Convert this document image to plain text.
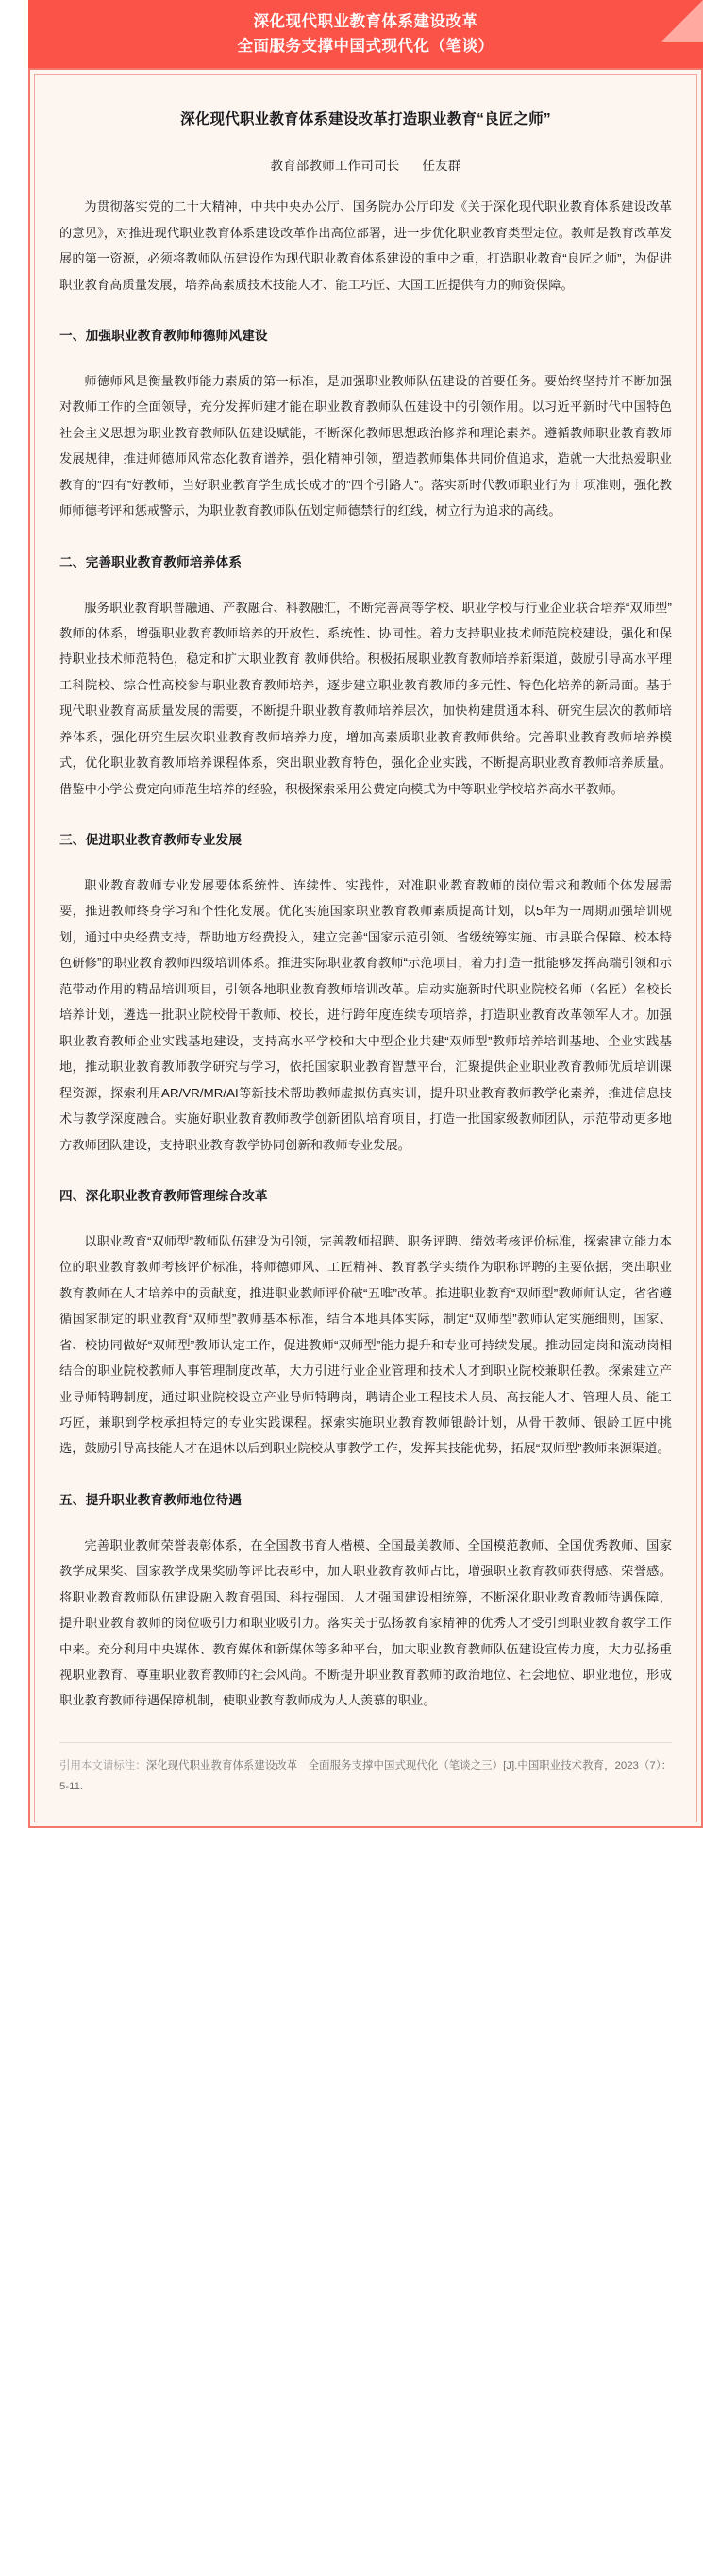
深化现代职业教育体系建设改革
全面服务支撑中国式现代化（笔谈）
深化现代职业教育体系建设改革打造职业教育“良匠之师”
教育部教师工作司司长 任友群

为贯彻落实党的二十大精神，中共中央办公厅、国务院办公厅印发《关于深化现代职业教育体系建设改革的意见》，对推进现代职业教育体系建设改革作出高位部署，进一步优化职业教育类型定位。教师是教育改革发展的第一资源，必须将教师队伍建设作为现代职业教育体系建设的重中之重，打造职业教育“良匠之师”，为促进职业教育高质量发展，培养高素质技术技能人才、能工巧匠、大国工匠提供有力的师资保障。

一、加强职业教育教师师德师风建设

师德师风是衡量教师能力素质的第一标准，是加强职业教师队伍建设的首要任务。要始终坚持并不断加强对教师工作的全面领导，充分发挥师建才能在职业教育教师队伍建设中的引领作用。以习近平新时代中国特色社会主义思想为职业教育教师队伍建设赋能，不断深化教师思想政治修养和理论素养。遵循教师职业教育教师发展规律，推进师德师风常态化教育谱养，强化精神引领，塑造教师集体共同价值追求，造就一大批热爱职业教育的“四有”好教师，当好职业教育学生成长成才的“四个引路人”。落实新时代教师职业行为十项准则，强化教师师德考评和惩戒警示，为职业教育教师队伍划定师德禁行的红线，树立行为追求的高线。

二、完善职业教育教师培养体系

服务职业教育职普融通、产教融合、科教融汇，不断完善高等学校、职业学校与行业企业联合培养“双师型”教师的体系，增强职业教育教师培养的开放性、系统性、协同性。着力支持职业技术师范院校建设，强化和保持职业技术师范特色，稳定和扩大职业教育 教师供给。积极拓展职业教育教师培养新渠道，鼓励引导高水平理工科院校、综合性高校参与职业教育教师培养，逐步建立职业教育教师的多元性、特色化培养的新局面。基于现代职业教育高质量发展的需要，不断提升职业教育教师培养层次，加快构建贯通本科、研究生层次的教师培养体系，强化研究生层次职业教育教师培养力度，增加高素质职业教育教师供给。完善职业教育教师培养模式，优化职业教育教师培养课程体系，突出职业教育特色，强化企业实践，不断提高职业教育教师培养质量。借鉴中小学公费定向师范生培养的经验，积极探索采用公费定向模式为中等职业学校培养高水平教师。

三、促进职业教育教师专业发展

职业教育教师专业发展要体系统性、连续性、实践性，对准职业教育教师的岗位需求和教师个体发展需要，推进教师终身学习和个性化发展。优化实施国家职业教育教师素质提高计划，以5年为一周期加强培训规划，通过中央经费支持，帮助地方经费投入，建立完善“国家示范引领、省级统筹实施、市县联合保障、校本特色研修”的职业教育教师四级培训体系。推进实际职业教育教师“示范项目，着力打造一批能够发挥高端引领和示范带动作用的精品培训项目，引领各地职业教育教师培训改革。启动实施新时代职业院校名师（名匠）名校长培养计划，遴选一批职业院校骨干教师、校长，进行跨年度连续专项培养，打造职业教育改革领军人才。加强职业教育教师企业实践基地建设，支持高水平学校和大中型企业共建“双师型”教师培养培训基地、企业实践基地，推动职业教育教师教学研究与学习，依托国家职业教育智慧平台，汇聚提供企业职业教育教师优质培训课程资源，探索利用AR/VR/MR/AI等新技术帮助教师虚拟仿真实训，提升职业教育教师教学化素养，推进信息技术与教学深度融合。实施好职业教育教师教学创新团队培育项目，打造一批国家级教师团队，示范带动更多地方教师团队建设，支持职业教育教学协同创新和教师专业发展。

四、深化职业教育教师管理综合改革

以职业教育“双师型”教师队伍建设为引领，完善教师招聘、职务评聘、绩效考核评价标准，探索建立能力本位的职业教育教师考核评价标准，将师德师风、工匠精神、教育教学实绩作为职称评聘的主要依据，突出职业教育教师在人才培养中的贡献度，推进职业教师评价破“五唯”改革。推进职业教育“双师型”教师师认定，省省遵循国家制定的职业教育“双师型”教师基本标准，结合本地具体实际，制定“双师型”教师认定实施细则，国家、省、校协同做好“双师型”教师认定工作，促进教师“双师型”能力提升和专业可持续发展。推动固定岗和流动岗相结合的职业院校教师人事管理制度改革，大力引进行业企业管理和技术人才到职业院校兼职任教。探索建立产业导师特聘制度，通过职业院校设立产业导师特聘岗，聘请企业工程技术人员、高技能人才、管理人员、能工巧匠，兼职到学校承担特定的专业实践课程。探索实施职业教育教师银龄计划，从骨干教师、银龄工匠中挑选，鼓励引导高技能人才在退休以后到职业院校从事教学工作，发挥其技能优势，拓展“双师型”教师来源渠道。

五、提升职业教育教师地位待遇

完善职业教师荣誉表彰体系，在全国教书育人楷模、全国最美教师、全国模范教师、全国优秀教师、国家教学成果奖、国家教学成果奖励等评比表彰中，加大职业教育教师占比，增强职业教育教师获得感、荣誉感。将职业教育教师队伍建设融入教育强国、科技强国、人才强国建设相统筹，不断深化职业教育教师待遇保障，提升职业教育教师的岗位吸引力和职业吸引力。落实关于弘扬教育家精神的优秀人才受引到职业教育教学工作中来。充分利用中央媒体、教育媒体和新媒体等多种平台，加大职业教育教师队伍建设宣传力度，大力弘扬重视职业教育、尊重职业教育教师的社会风尚。不断提升职业教育教师的政治地位、社会地位、职业地位，形成职业教育教师待遇保障机制，使职业教育教师成为人人羡慕的职业。

引用本文请标注：深化现代职业教育体系建设改革　全面服务支撑中国式现代化（笔谈之三）[J].中国职业技术教育，2023（7）：5-11.
